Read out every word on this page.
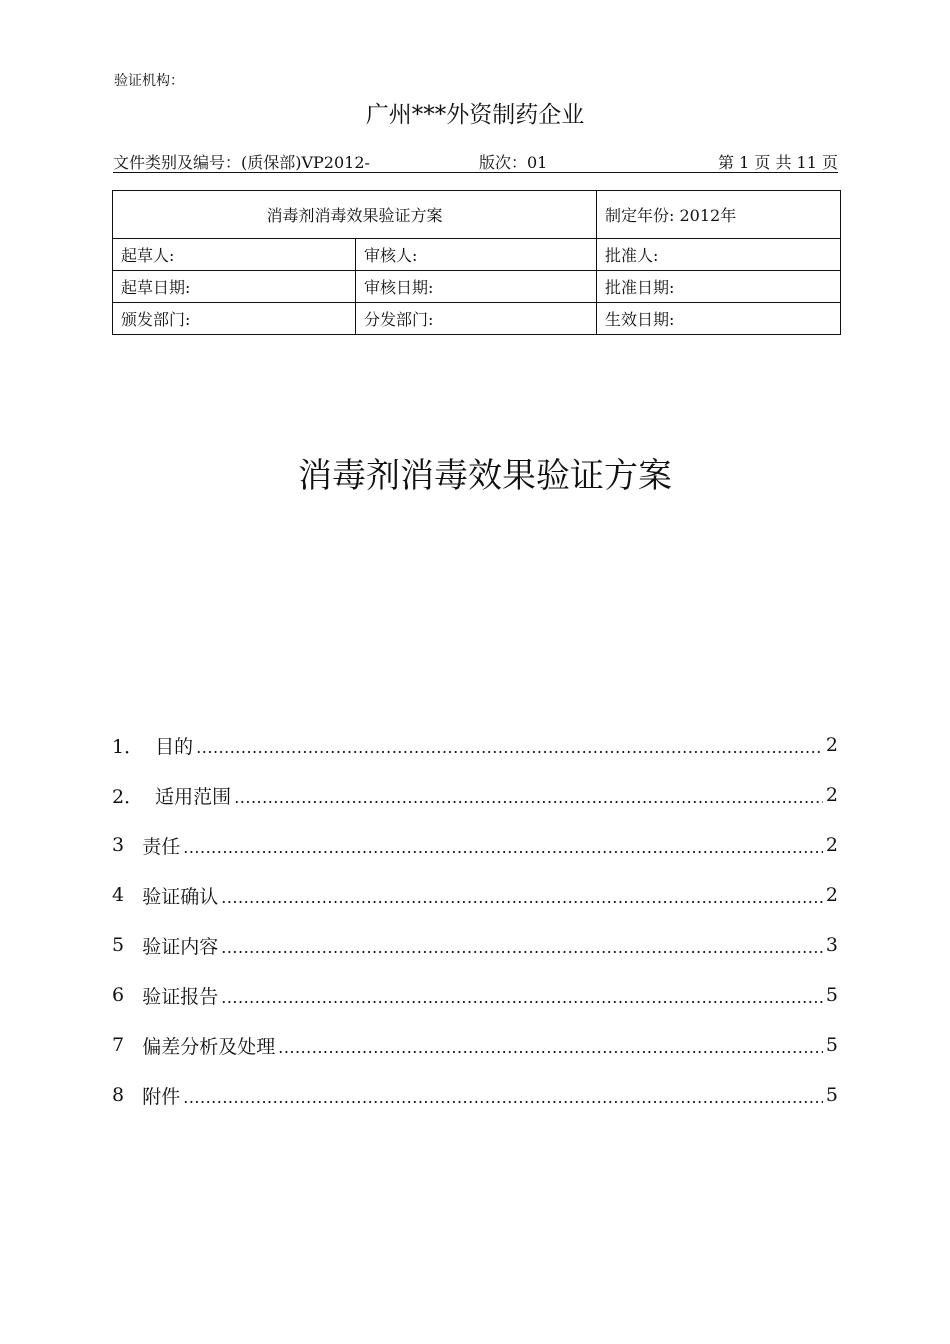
验证机构：
广州***外资制药企业
文件类别及编号：(质保部)VP2012-	版次：01	第 1 页 共 11 页
消毒剂消毒效果验证方案		制定年份: 2012年
起草人:	审核人:	批准人:
起草日期:	审核日期:	批准日期:
颁发部门:	分发部门:	生效日期:
消毒剂消毒效果验证方案
1． 目的 .....	2
2． 适用范围 .....	2
3 责任 .....	2
4 验证确认 .....	2
5 验证内容 .....	3
6 验证报告 .....	5
7 偏差分析及处理 .....	5
8 附件 .....	5
